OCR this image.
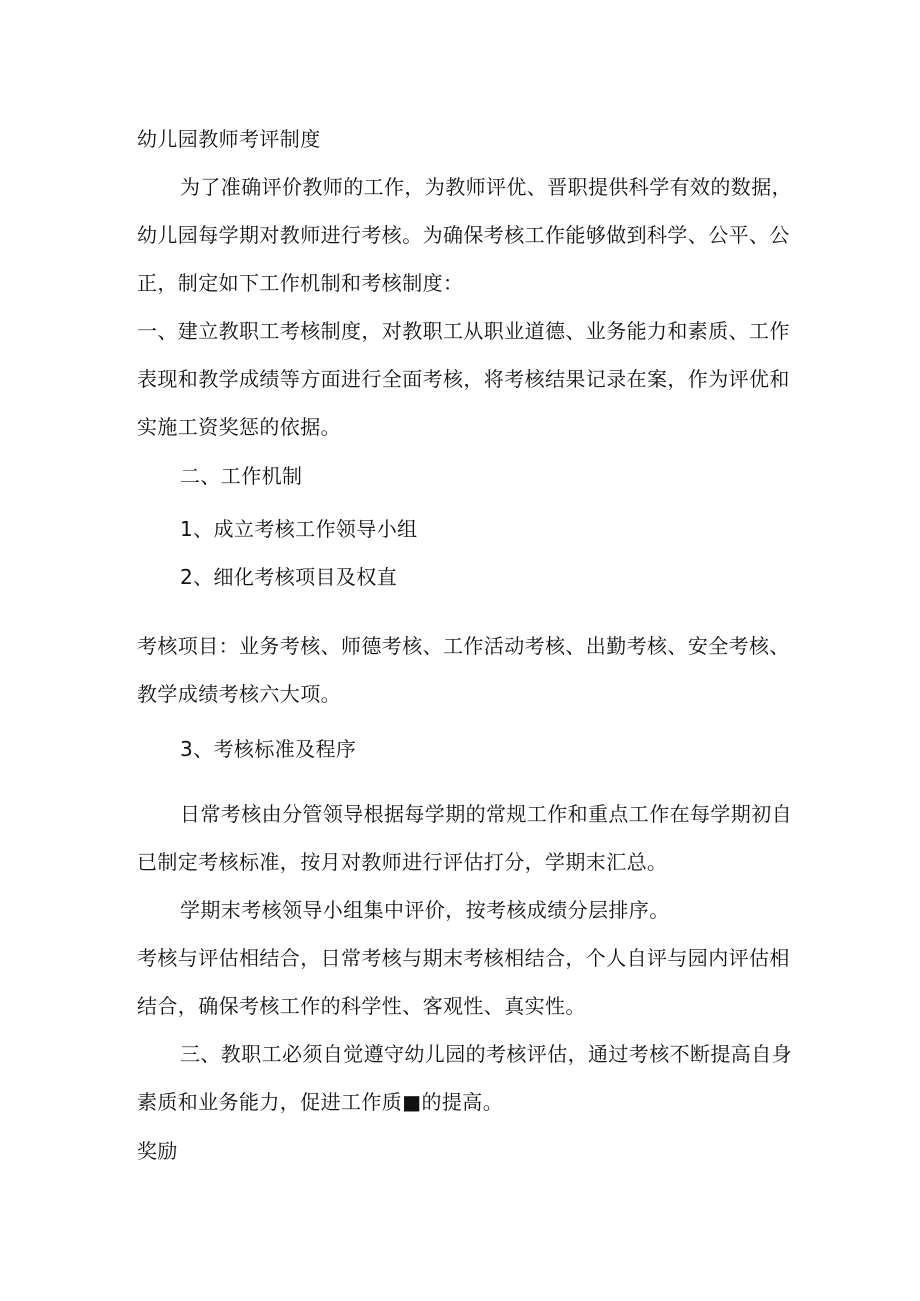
幼儿园教师考评制度
为了准确评价教师的工作，为教师评优、晋职提供科学有效的数据，
幼儿园每学期对教师进行考核。为确保考核工作能够做到科学、公平、公
正，制定如下工作机制和考核制度：
一、建立教职工考核制度，对教职工从职业道德、业务能力和素质、工作
表现和教学成绩等方面进行全面考核，将考核结果记录在案，作为评优和
实施工资奖惩的依据。
二、工作机制
1、成立考核工作领导小组
2、细化考核项目及权直
考核项目：业务考核、师德考核、工作活动考核、出勤考核、安全考核、
教学成绩考核六大项。
3、考核标准及程序
日常考核由分管领导根据每学期的常规工作和重点工作在每学期初自
已制定考核标准，按月对教师进行评估打分，学期末汇总。
学期末考核领导小组集中评价，按考核成绩分层排序。
考核与评估相结合，日常考核与期末考核相结合，个人自评与园内评估相
结合，确保考核工作的科学性、客观性、真实性。
三、教职工必须自觉遵守幼儿园的考核评估，通过考核不断提高自身
素质和业务能力，促进工作质■的提高。
奖励
